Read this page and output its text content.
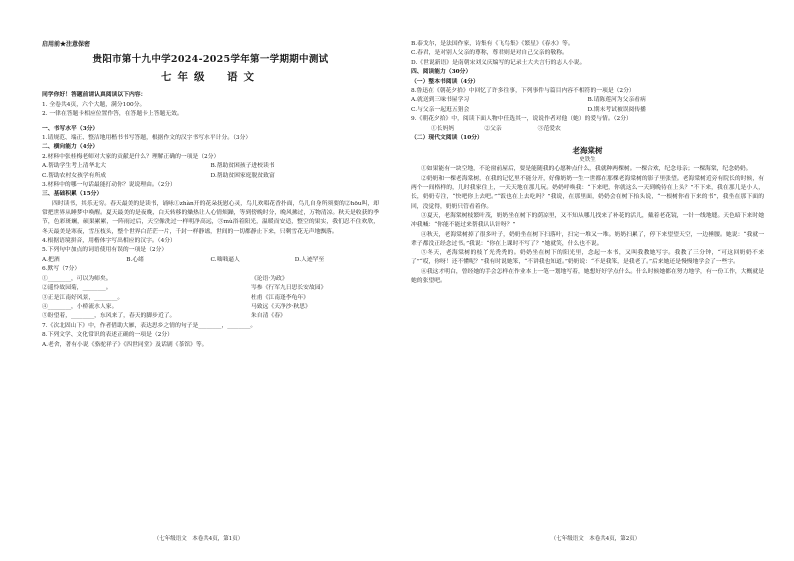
启用前★注意保密
贵阳市第十九中学2024-2025学年第一学期期中测试
七年级　语文
同学你好！答题前请认真阅读以下内容：
1. 全卷共4页，六个大题，满分100分。
2. 一律在答题卡相应位置作答，在答题卡上答题无效。
一、书写水平（3分）
1.请规范、端正、整洁地用楷书书写答题，根据作文的汉字书写水平计分。（3分）
二、横向能力（4分）
2.材料中张桂梅老师对大家的贡献是什么？理解正确的一项是（2分）
A.帮助学生考上清华北大	B.帮助贫困孩子进校读书
C.帮助农村女孩学有所成	D.帮助贫困家庭脱贫致富
3.材料中的哪一句话最能打动你？说说理由。（2分）
三、基础积累（15分）
四时读书，其乐无穷。春天最美的是读书，诵咏①zhàn开的花朵抚慰心灵，鸟儿欢唱花香扑面，鸟儿自身所须要的②hōu叫，却常把世界从睡梦中唤醒。夏天最美的是夜晚，白天转移的燥热让人心情烦躁，等到傍晚时分，晚风拂过，万物清凉。秋天是收获的季节，色彩斑斓，硕果累累，一阵雨过后，天空像洗过一样明净高远，③mù浴着阳光，温暖而安适，整空的果实，我们忍不住欢欣，冬天最美是寒夜，雪压枝头，整个世界白茫茫一片，千封一样静谧，世间的一切都静止下来，只剩雪花无声地飘落。
4.根据语境拼音，用楷体字写出相应的汉字。（4分）
5.下列句中加点的词语使用有误的一项是（2分）
A.把酒	B.心绪	C.咄咄逼人	D.人迹罕至
6.默写（7分）
①________，可以为师矣。	《论语·为政》
②遥怜故园菊，________。	岑参《行军九日思长安故园》
③正是江南好风景，________。	杜甫《江南逢李龟年》
④________，小桥流水人家。	马致远《天净沙·秋思》
⑤盼望着，________，东风来了，春天的脚步近了。	朱自清《春》
7.《次北固山下》中，作者借助大雁，表达思乡之情的句子是________，________。
8.下列文学、文化常识的表述正确的一项是（2分）
A.老舍，著有小说《骆驼祥子》《四世同堂》及话剧《茶馆》等。
（七年级语文　本卷共4页，第1页）
B.泰戈尔，是法国作家，诗集有《飞鸟集》《繁星》《春水》等。
C.春君，是对别人父亲的尊称，尊君则是对自己父亲的敬称。
D.《世说新语》是南朝宋刘义庆编写的记录士大夫言行的志人小说。
四、阅读能力（30分）
（一）整本书阅读（4分）
8.鲁迅在《朝花夕拾》中回忆了许多往事，下列事件与篇目内容不相符的一项是（2分）
A.就送到三味书屋学习	B.请陈莲河为父亲看病
C.与父亲一起逛五猖会	D.期末考试被误阅传播
9.《朝花夕拾》中，阅读下面人物中任选其一，说说作者对他（她）的爱与情。（2分）
①长妈妈	②父亲	③范爱农
（二）现代文阅读（10分）
老海棠树
史铁生
①如果能有一块空地，不论窗前屋后，要是能随我的心愿种点什么，我就种两棵树。一棵合欢，纪念母亲；一棵海棠，纪念奶奶。
②奶奶和一棵老海棠树，在我的记忆里不能分开，好像奶奶一生一世都在那棵老海棠树的影子里张望。老海棠树近旁有院长的时候，有两个一间格样的，儿时我家住上，一天天地在那儿玩。奶奶呼唤我：“下来吧，你就这么一天到晚待在上头？”不下来，我在那儿是小人，长，奶奶专注，“快吧你上去吧。”“饭也在上去吃吗？”我说，在那里面，奶奶会在树下抬头说，“一根树你看下来的书”，我坐在那下面的回，没觉得，奶奶只管看着你。
③夏天，老海棠树枝繁叶茂，奶奶坐在树下的荫凉里，又不知从哪儿找来了补花的活儿，戴着老花镜，一针一线地缝。天色暗下来时她冲我喊：“你能不能过来帮我认认针呀？”
④秋天，老海棠树掉了很多叶子，奶奶坐在树下扫落叶，扫完一堆又一堆。奶奶扫累了，停下来望望天空，一边捶腰。她说：“我就一辈子都没正经念过书。”我说：“你在上课时不写了？”她就笑，什么也不说。
⑤冬天，老海棠树的枝丫光秃秃的。奶奶坐在树下的阳光里，念起一本书，又叫我教她写字。我教了三分钟，“可这回奶奶不来了”“哎，你呀！还不懂呢？”我有时说她笨，“不讲我也知道。”奶奶说：“不是我笨，是我老了。”后来她还是慢慢地学会了一些字。
⑥我这才明白，曾经她的手会怎样在作业本上一笔一划地写着，她想好好学点什么。什么时候她都在努力地学，有一份工作，大概就是她的张望吧。
（七年级语文　本卷共4页，第2页）
